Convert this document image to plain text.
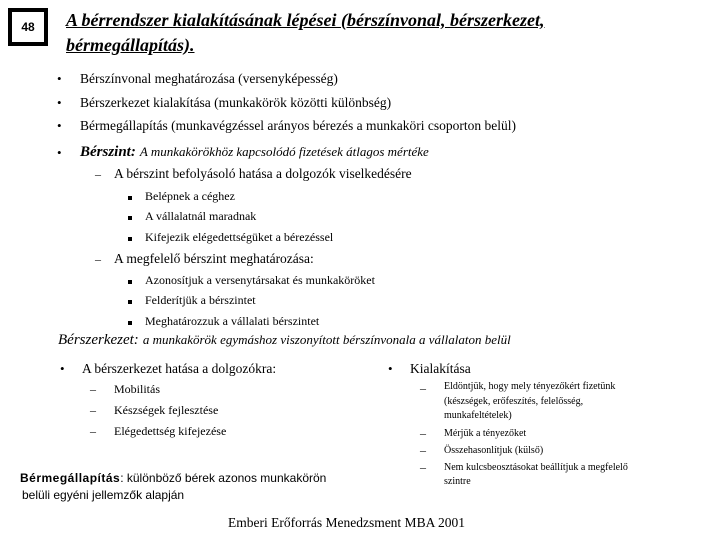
48	A bérrendszer kialakításának lépései (bérszínvonal, bérszerkezet,
bérmegállapítás).
• Bérszínvonal meghatározása (versenyképesség)
• Bérszerkezet kialakítása (munkakörök közötti különbség)
• Bérmegállapítás (munkavégzéssel arányos bérezés a munkaköri csoporton belül)
• Bérszint: A munkakörökhöz kapcsolódó fizetések átlagos mértéke
– A bérszint befolyásoló hatása a dolgozók viselkedésére
Belépnek a céghez
A vállalatnál maradnak
Kifejezik elégedettségüket a bérezéssel
– A megfelelő bérszint meghatározása:
Azonosítjuk a versenytársakat és munkaköröket
Felderítjük a bérszintet
Meghatározzuk a vállalati bérszintet
Bérszerkezet: a munkakörök egymáshoz viszonyított bérszínvonala a vállalaton belül
• A bérszerkezet hatása a dolgozókra:
– Mobilitás
– Készségek fejlesztése
– Elégedettség kifejezése
• Kialakítása
– Eldöntjük, hogy mely tényezőkért fizetünk
(készségek, erőfeszítés, felelősség,
munkafeltételek)
– Mérjük a tényezőket
– Összehasonlítjuk (külső)
– Nem kulcsbeosztásokat beállítjuk a megfelelő
szintre
Bérmegállapítás: különböző bérek azonos munkakörön
belüli egyéni jellemzők alapján
Emberi Erőforrás Menedzsment MBA 2001
